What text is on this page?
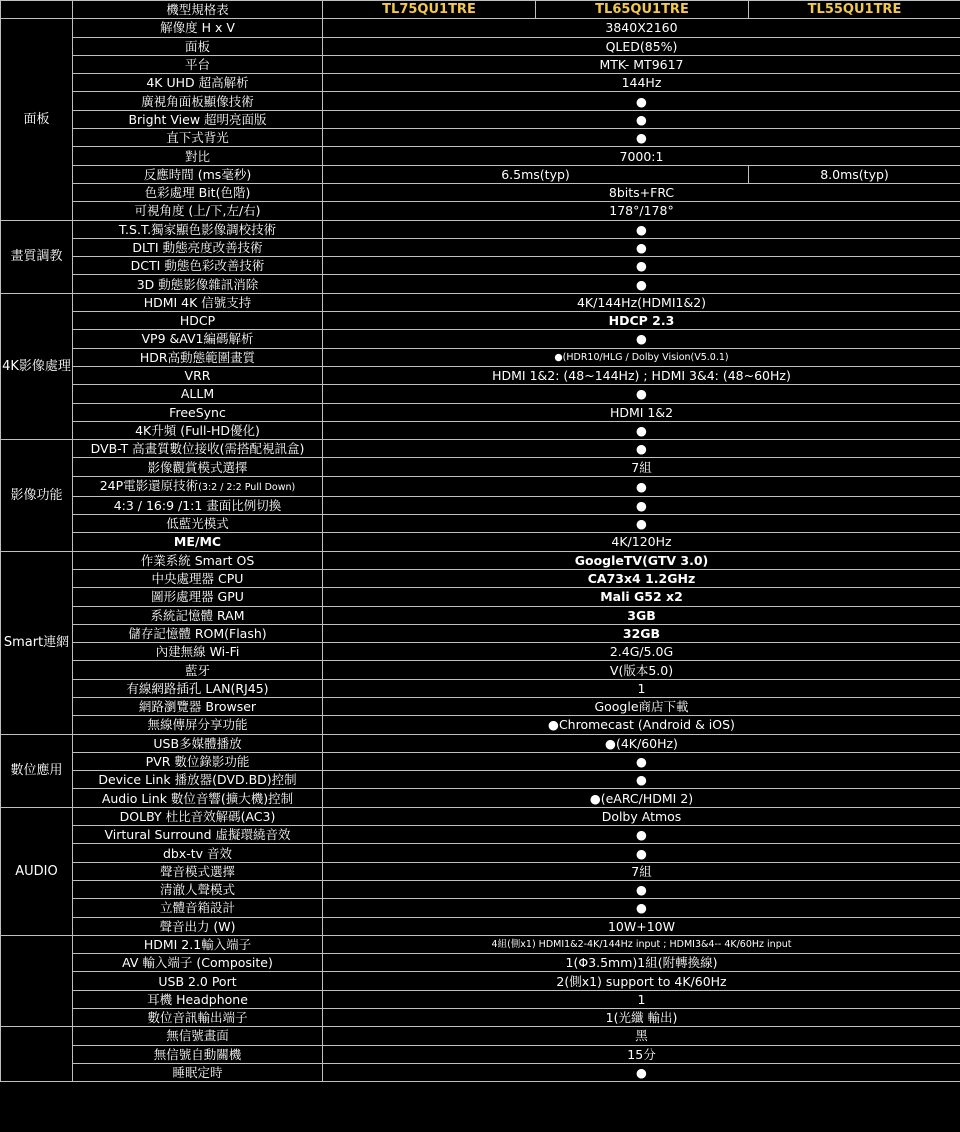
	機型規格表	TL75QU1TRE	TL65QU1TRE	TL55QU1TRE
面板	解像度 H x V	3840X2160		
	面板	QLED(85%)		
	平台	MTK- MT9617		
	4K UHD 超高解析	144Hz		
	廣視角面板顯像技術	●		
	Bright View 超明亮面版	●		
	直下式背光	●		
	對比	7000:1		
	反應時間 (ms毫秒)	6.5ms(typ)		8.0ms(typ)
	色彩處理 Bit(色階)	8bits+FRC		
	可視角度 (上/下,左/右)	178°/178°		
畫質調教	T.S.T.獨家顯色影像調校技術	●		
	DLTI 動態亮度改善技術	●		
	DCTI 動態色彩改善技術	●		
	3D 動態影像雜訊消除	●		
4K影像處理	HDMI 4K 信號支持	4K/144Hz(HDMI1&2)		
	HDCP	HDCP 2.3		
	VP9 &AV1編碼解析	●		
	HDR高動態範圍畫質	●(HDR10/HLG / Dolby Vision(V5.0.1)		
	VRR	HDMI 1&2: (48~144Hz) ; HDMI 3&4: (48~60Hz)		
	ALLM	●		
	FreeSync	HDMI 1&2		
	4K升頻 (Full-HD優化)	●		
影像功能	DVB-T 高畫質數位接收(需搭配視訊盒)	●		
	影像觀賞模式選擇	7組		
	24P電影還原技術(3:2 / 2:2 Pull Down)	●		
	4:3 / 16:9 /1:1 畫面比例切換	●		
	低藍光模式	●		
	ME/MC	4K/120Hz		
Smart連網	作業系統 Smart OS	GoogleTV(GTV 3.0)		
	中央處理器 CPU	CA73x4 1.2GHz		
	圖形處理器 GPU	Mali G52 x2		
	系統記憶體 RAM	3GB		
	儲存記憶體 ROM(Flash)	32GB		
	內建無線 Wi-Fi	2.4G/5.0G		
	藍牙	V(版本5.0)		
	有線網路插孔 LAN(RJ45)	1		
	網路瀏覽器 Browser	Google商店下載		
	無線傳屏分享功能	●Chromecast (Android & iOS)		
數位應用	USB多媒體播放	●(4K/60Hz)		
	PVR 數位錄影功能	●		
	Device Link 播放器(DVD.BD)控制	●		
	Audio Link 數位音響(擴大機)控制	●(eARC/HDMI 2)		
AUDIO	DOLBY 杜比音效解碼(AC3)	Dolby Atmos		
	Virtural Surround 虛擬環繞音效	●		
	dbx-tv 音效	●		
	聲音模式選擇	7組		
	清澈人聲模式	●		
	立體音箱設計	●		
	聲音出力 (W)	10W+10W		
	HDMI 2.1輸入端子	4組(側x1) HDMI1&2-4K/144Hz input ; HDMI3&4-- 4K/60Hz input		
	AV 輸入端子 (Composite)	1(Φ3.5mm)1組(附轉換線)		
	USB 2.0 Port	2(側x1) support to 4K/60Hz		
	耳機 Headphone	1		
	數位音訊輸出端子	1(光纖 輸出)		
	無信號畫面	黑		
	無信號自動關機	15分		
	睡眠定時	●		
